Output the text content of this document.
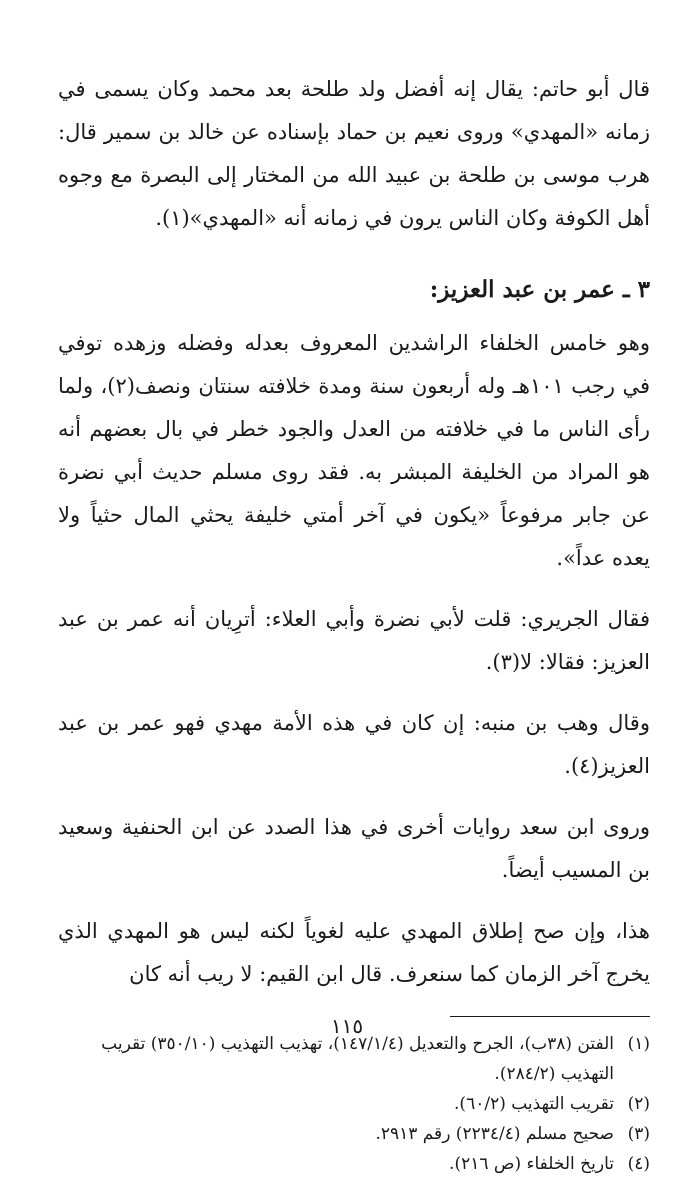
قال أبو حاتم: يقال إنه أفضل ولد طلحة بعد محمد وكان يسمى في زمانه «المهدي» وروى نعيم بن حماد بإسناده عن خالد بن سمير قال: هرب موسى بن طلحة بن عبيد الله من المختار إلى البصرة مع وجوه أهل الكوفة وكان الناس يرون في زمانه أنه «المهدي»(١).

٣ ـ عمر بن عبد العزيز:

وهو خامس الخلفاء الراشدين المعروف بعدله وفضله وزهده توفي في رجب ١٠١هـ وله أربعون سنة ومدة خلافته سنتان ونصف(٢)، ولما رأى الناس ما في خلافته من العدل والجود خطر في بال بعضهم أنه هو المراد من الخليفة المبشر به. فقد روى مسلم حديث أبي نضرة عن جابر مرفوعاً «يكون في آخر أمتي خليفة يحثي المال حثياً ولا يعده عداً».

فقال الجريري: قلت لأبي نضرة وأبي العلاء: أترِيان أنه عمر بن عبد العزيز: فقالا: لا(٣).

وقال وهب بن منبه: إن كان في هذه الأمة مهدي فهو عمر بن عبد العزيز(٤).

وروى ابن سعد روايات أخرى في هذا الصدد عن ابن الحنفية وسعيد بن المسيب أيضاً.

هذا، وإن صح إطلاق المهدي عليه لغوياً لكنه ليس هو المهدي الذي يخرج آخر الزمان كما سنعرف. قال ابن القيم: لا ريب أنه كان

(١)
الفتن (٣٨ب)، الجرح والتعديل (١٤٧/١/٤)، تهذيب التهذيب (٣٥٠/١٠) تقريب التهذيب (٢٨٤/٢).
(٢)
تقريب التهذيب (٦٠/٢).
(٣)
صحيح مسلم (٢٢٣٤/٤) رقم ٢٩١٣.
(٤)
تاريخ الخلفاء (ص ٢١٦).
١١٥
